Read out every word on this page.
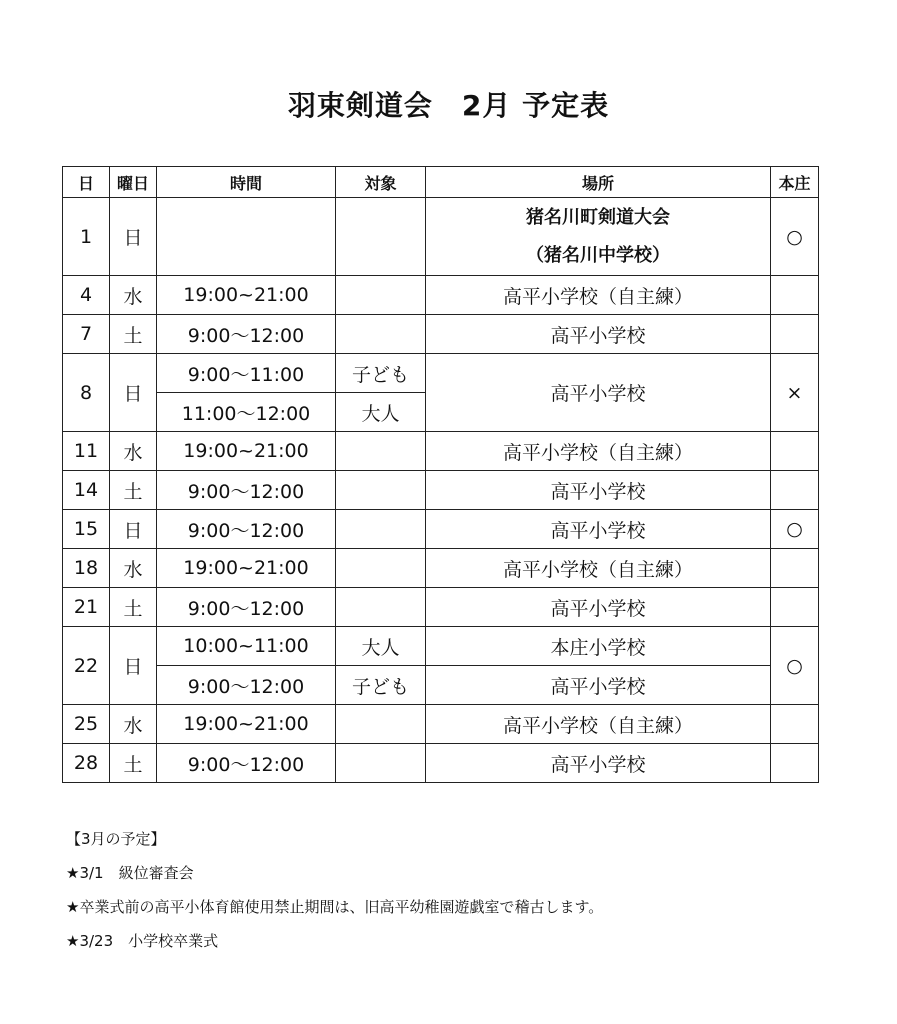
羽束剣道会　2月 予定表
日	曜日	時間	対象	場所	本庄
1	日			猪名川町剣道大会
（猪名川中学校）	○
4	水	19:00~21:00		高平小学校（自主練）	
7	土	9:00～12:00		高平小学校	
8	日	9:00～11:00	子ども	高平小学校	×
		11:00～12:00	大人		
11	水	19:00~21:00		高平小学校（自主練）	
14	土	9:00～12:00		高平小学校	
15	日	9:00～12:00		高平小学校	○
18	水	19:00~21:00		高平小学校（自主練）	
21	土	9:00～12:00		高平小学校	
22	日	10:00~11:00	大人	本庄小学校	○
		9:00～12:00	子ども	高平小学校	
25	水	19:00~21:00		高平小学校（自主練）	
28	土	9:00～12:00		高平小学校	
【3月の予定】
★3/1　級位審査会
★卒業式前の高平小体育館使用禁止期間は、旧高平幼稚園遊戯室で稽古します。
★3/23　小学校卒業式
